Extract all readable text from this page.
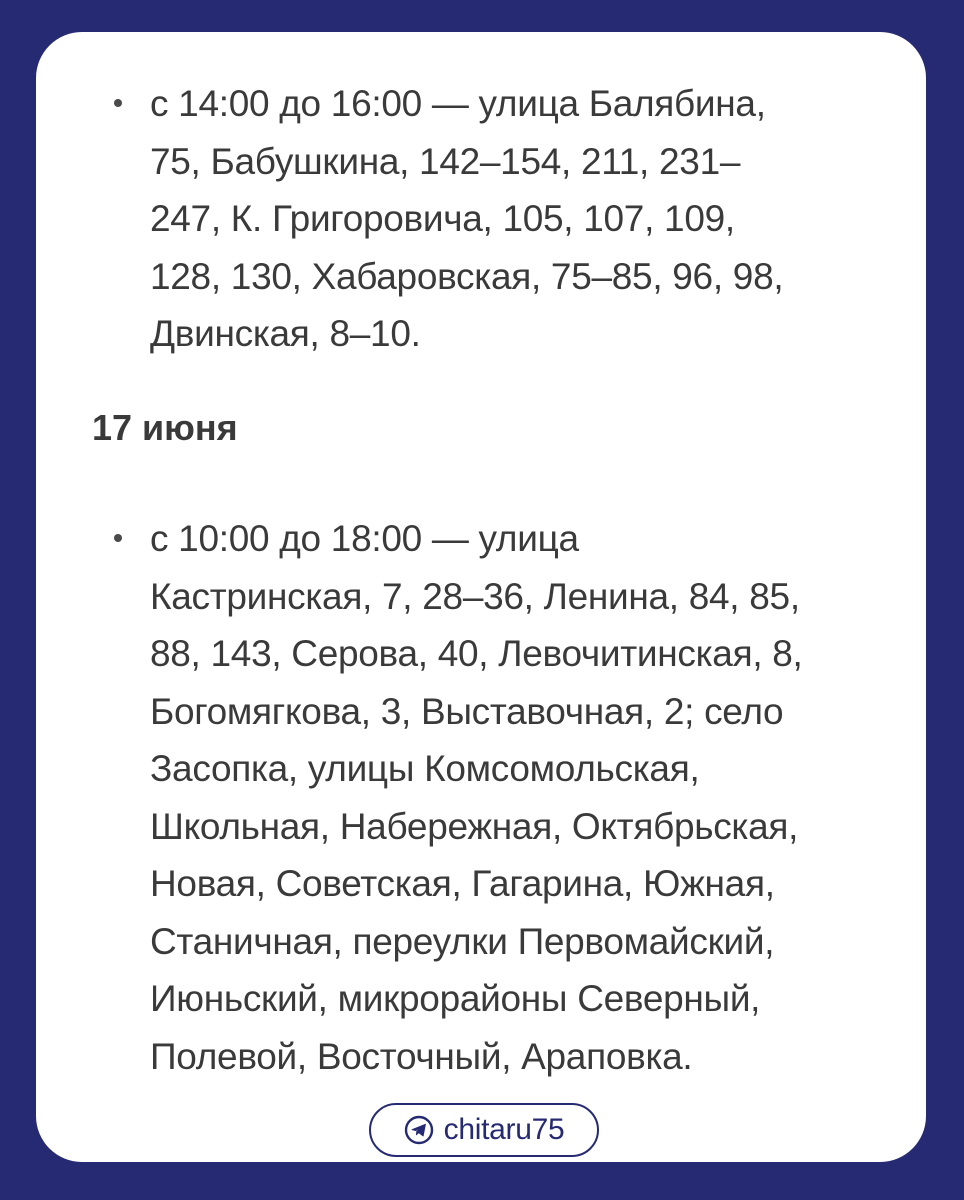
с 14:00 до 16:00 — улица Балябина,
75, Бабушкина, 142–154, 211, 231–
247, К. Григоровича, 105, 107, 109,
128, 130, Хабаровская, 75–85, 96, 98,
Двинская, 8–10.
17 июня
с 10:00 до 18:00 — улица
Кастринская, 7, 28–36, Ленина, 84, 85,
88, 143, Серова, 40, Левочитинская, 8,
Богомягкова, 3, Выставочная, 2; село
Засопка, улицы Комсомольская,
Школьная, Набережная, Октябрьская,
Новая, Советская, Гагарина, Южная,
Станичная, переулки Первомайский,
Июньский, микрорайоны Северный,
Полевой, Восточный, Араповка.
chitaru75
